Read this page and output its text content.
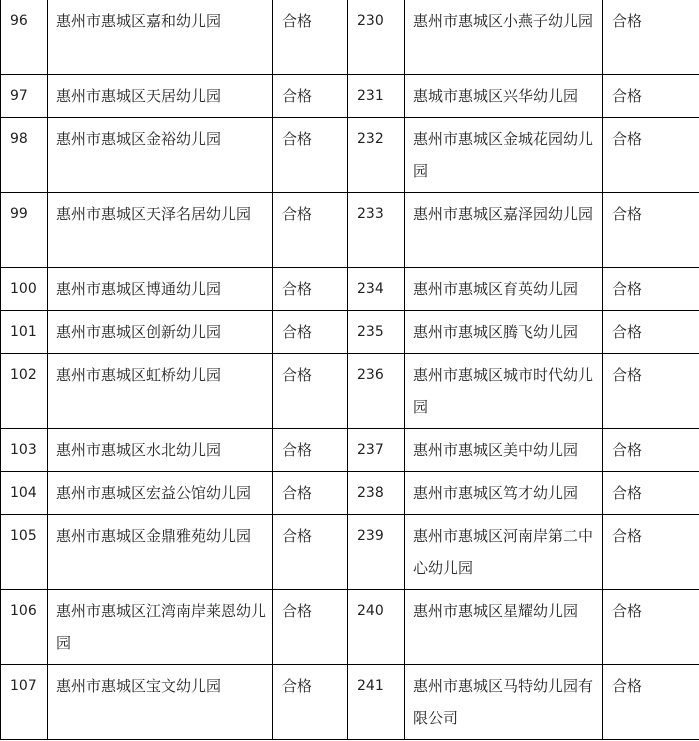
96	惠州市惠城区嘉和幼儿园	合格	230	惠州市惠城区小燕子幼儿园	合格

97	惠州市惠城区天居幼儿园	合格	231	惠城市惠城区兴华幼儿园	合格

98	惠州市惠城区金裕幼儿园	合格	232	惠州市惠城区金城花园幼儿园	合格

99	惠州市惠城区天泽名居幼儿园	合格	233	惠州市惠城区嘉泽园幼儿园	合格

100	惠州市惠城区博通幼儿园	合格	234	惠州市惠城区育英幼儿园	合格

101	惠州市惠城区创新幼儿园	合格	235	惠州市惠城区腾飞幼儿园	合格

102	惠州市惠城区虹桥幼儿园	合格	236	惠州市惠城区城市时代幼儿园	合格

103	惠州市惠城区水北幼儿园	合格	237	惠州市惠城区美中幼儿园	合格

104	惠州市惠城区宏益公馆幼儿园	合格	238	惠州市惠城区笃才幼儿园	合格

105	惠州市惠城区金鼎雅苑幼儿园	合格	239	惠州市惠城区河南岸第二中心幼儿园	合格

106	惠州市惠城区江湾南岸莱恩幼儿园	合格	240	惠州市惠城区星耀幼儿园	合格

107	惠州市惠城区宝文幼儿园	合格	241	惠州市惠城区马特幼儿园有限公司	合格
